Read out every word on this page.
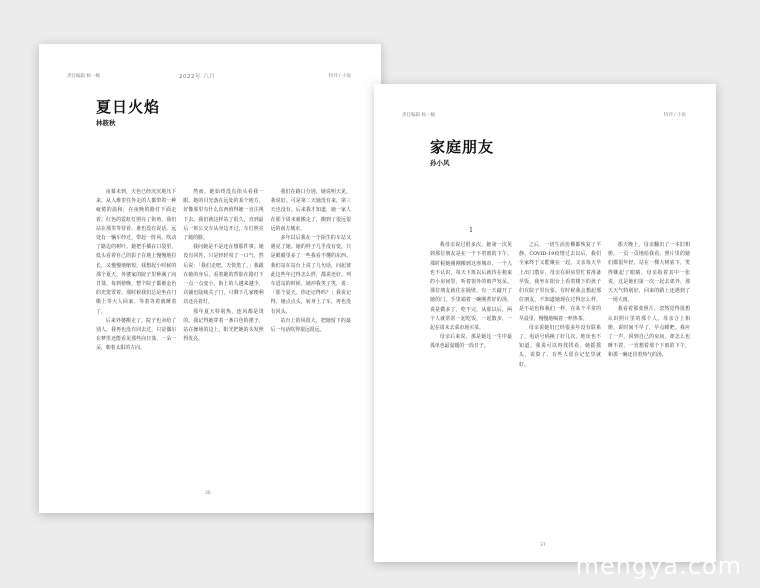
责任编辑 杨一楠	2022年 六月	特刊 / 小说
夏日火焰
林筱秋

夜幕未到，天色已经沉沉地压下来。从人堆里往外走的人都带着一种疲倦的温和，在夜晚的路灯下面走着。红色的霓虹灯照亮了街角，我们站在那里等待着，谁也没有说话。远处有一辆车经过，带起一阵风，吹动了路边的树叶。她把手插在口袋里，低头看着自己的影子在地上慢慢地拉长，又慢慢地缩短。我想起小时候的那个夏天，外婆家的院子里种满了向日葵，每到傍晚，整个院子都被金色的光笼罩着。那时候我们总是坐在门槛上等大人回家，等着等着就睡着了。

后来外婆搬走了，院子也卖给了别人。我再也没有回去过，只是偶尔在梦里还能看见那些向日葵，一朵一朵，朝着太阳的方向。

然而，她始终没有抬头看我一眼。她的目光落在远处的某个地方，好像那里有什么东西值得她一直注视下去。我们就这样站了很久，直到最后一班公交车从身边开过，车灯照亮了她的脸。

我问她是不是还在想那件事。她没有回答，只是轻轻叹了一口气，然后说：「我们走吧，天快黑了。」我跟在她的身后，看着她的背影在路灯下一点一点变小。街上的人越来越少，店铺也陆续关了门，只剩下几家便利店还亮着灯。

那年夏天特别热，连风都是烫的。我记得她穿着一条白色的裙子，站在操场的边上，阳光把她的头发照得发亮。

我们在路口分别，她说明天见，我说好。可是第二天她没有来，第三天也没有。后来我才知道，她一家人在那个周末就搬走了，搬到了很远很远的南方城市。

多年以后我在一个陌生的车站又遇见了她。她的样子几乎没有变，只是眼睛里多了一些我看不懂的东西。我们站在站台上说了几句话，问起彼此这些年过得怎么样，都说还好。列车进站的时候，她冲我笑了笑，说：「那个夏天，你还记得吗？」我说记得。她点点头，转身上了车，再也没有回头。

站台上的风很大，把她留下的最后一句话吹得很远很远。

36
责任编辑 杨一楠	特刊 / 小说
家庭朋友
孙小风
1

我母亲说过很多次，她第一次见到那位朋友是在一个下着雨的下午。那时候她刚刚搬到这座城市，一个人也不认识，每天下班以后就待在租来的小房间里，听着窗外的雨声发呆。那位朋友就住在隔壁，有一天敲开了她的门，手里端着一碗刚煮好的汤，说是做多了，吃不完。从那以后，两个人就常常一起吃饭，一起散步，一起在周末去菜市场买菜。

母亲后来说，那是她这一生中最孤单也最温暖的一段日子。

之后，一切生活仿佛都恢复了平静。COVID-19疫情过去以后，我们全家终于又能聚在一起。父亲每天早上出门散步，母亲在厨房里忙着准备早饭，我坐在阳台上看着楼下的孩子们在院子里玩耍。有时候我会想起那位朋友，不知道她现在过得怎么样，是不是也和我们一样，在某个平常的早晨里，慢慢地喝着一杯热茶。

母亲说她们已经很多年没有联系了，电话号码换了好几次，地址也不知道。我说可以再找找看，她摇摇头，说算了，有些人留在记忆里就好。

那天晚上，母亲翻出了一本旧相册，一页一页地给我看。照片里的她们都很年轻，站在一棵大树底下，笑得眯起了眼睛。母亲指着其中一张说，这是她们第一次一起去郊外，那天天气特别好，回来的路上还遇到了一场大雨。

我看着那张照片，忽然觉得很想认识照片里的那个人。母亲合上相册，说时间不早了，早点睡吧。我应了一声，回到自己的房间，却怎么也睡不着，一直想着那个下雨的下午，和那一碗还冒着热气的汤。

37
mengya.com
